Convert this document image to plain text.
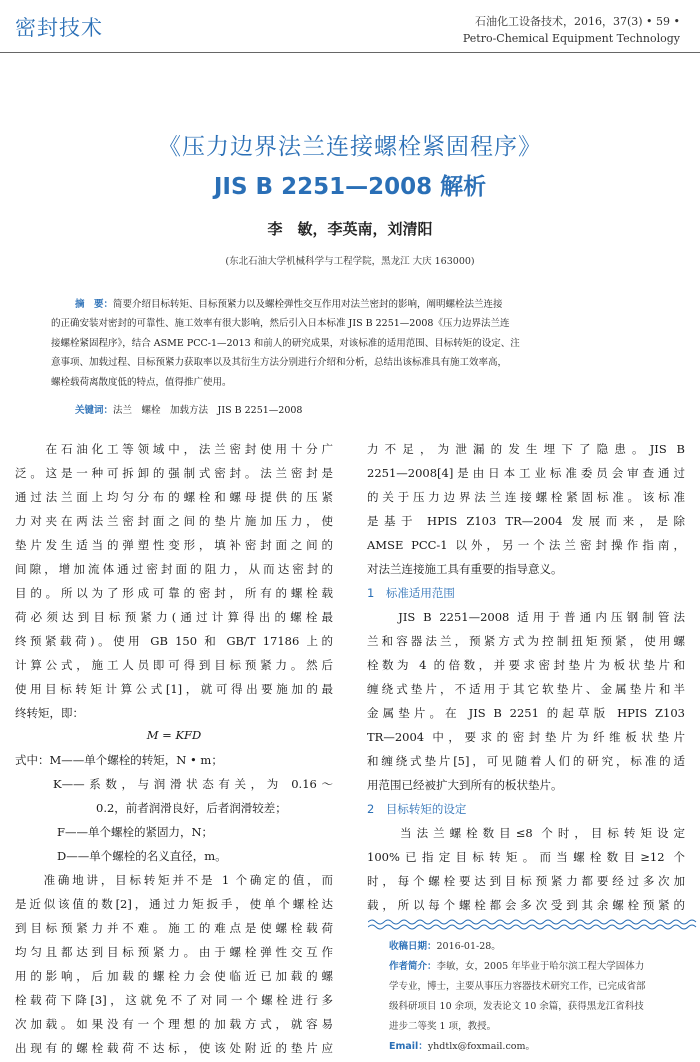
密封技术	石油化工设备技术，2016，37(3) • 59 •
Petro-Chemical Equipment Technology
《压力边界法兰连接螺栓紧固程序》
JIS B 2251—2008 解析
李　敏，李英南，刘清阳
(东北石油大学机械科学与工程学院，黑龙江 大庆 163000)
摘　要：简要介绍目标转矩、目标预紧力以及螺栓弹性交互作用对法兰密封的影响，阐明螺栓法兰连接
的正确安装对密封的可靠性、施工效率有很大影响，然后引入日本标准 JIS B 2251—2008《压力边界法兰连
接螺栓紧固程序》，结合 ASME PCC-1—2013 和前人的研究成果，对该标准的适用范围、目标转矩的设定、注
意事项、加载过程、目标预紧力获取率以及其衍生方法分别进行介绍和分析，总结出该标准具有施工效率高，
螺栓载荷离散度低的特点，值得推广使用。
关键词：法兰　螺栓　加载方法　JIS B 2251—2008
　　在石油化工等领域中，法兰密封使用十分广
泛。这是一种可拆卸的强制式密封。法兰密封是
通过法兰面上均匀分布的螺栓和螺母提供的压紧
力对夹在两法兰密封面之间的垫片施加压力，使
垫片发生适当的弹塑性变形，填补密封面之间的
间隙，增加流体通过密封面的阻力，从而达密封的
目的。所以为了形成可靠的密封，所有的螺栓载
荷必须达到目标预紧力(通过计算得出的螺栓最
终预紧载荷)。使用 GB 150 和 GB/T 17186 上的
计算公式，施工人员即可得到目标预紧力。然后
使用目标转矩计算公式[1]，就可得出要施加的最
终转矩，即：
M = KFD
式中：M——单个螺栓的转矩，N • m；
K——系数，与润滑状态有关，为 0.16～
0.2，前者润滑良好，后者润滑较差；
F——单个螺栓的紧固力，N；
D——单个螺栓的名义直径，m。
　　准确地讲，目标转矩并不是 1 个确定的值，而
是近似该值的数[2]，通过力矩扳手，使单个螺栓达
到目标预紧力并不难。施工的难点是使螺栓载荷
均匀且都达到目标预紧力。由于螺栓弹性交互作
用的影响，后加载的螺栓力会使临近已加载的螺
栓载荷下降[3]，这就免不了对同一个螺栓进行多
次加载。如果没有一个理想的加载方式，就容易
出现有的螺栓载荷不达标，使该处附近的垫片应
力不足，为泄漏的发生埋下了隐患。JIS B
2251—2008[4]是由日本工业标准委员会审查通过
的关于压力边界法兰连接螺栓紧固标准。该标准
是基于 HPIS Z103 TR—2004 发展而来，是除
AMSE PCC-1 以外，另一个法兰密封操作指南，
对法兰连接施工具有重要的指导意义。
1　标准适用范围
　　JIS B 2251—2008 适用于普通内压钢制管法
兰和容器法兰，预紧方式为控制扭矩预紧，使用螺
栓数为 4 的倍数，并要求密封垫片为板状垫片和
缠绕式垫片，不适用于其它软垫片、金属垫片和半
金属垫片。在 JIS B 2251 的起草版 HPIS Z103
TR—2004 中，要求的密封垫片为纤维板状垫片
和缠绕式垫片[5]，可见随着人们的研究，标准的适
用范围已经被扩大到所有的板状垫片。
2　目标转矩的设定
　　当法兰螺栓数目≤8 个时，目标转矩设定
100%已指定目标转矩。而当螺栓数目≥12 个
时，每个螺栓要达到目标预紧力都要经过多次加
载，所以每个螺栓都会多次受到其余螺栓预紧的
收稿日期：2016-01-28。
作者简介：李敏，女，2005 年毕业于哈尔滨工程大学固体力
学专业，博士，主要从事压力容器技术研究工作，已完成省部
级科研项目 10 余项，发表论文 10 余篇，获得黑龙江省科技
进步二等奖 1 项，教授。
Email：yhdtlx@foxmail.com。
